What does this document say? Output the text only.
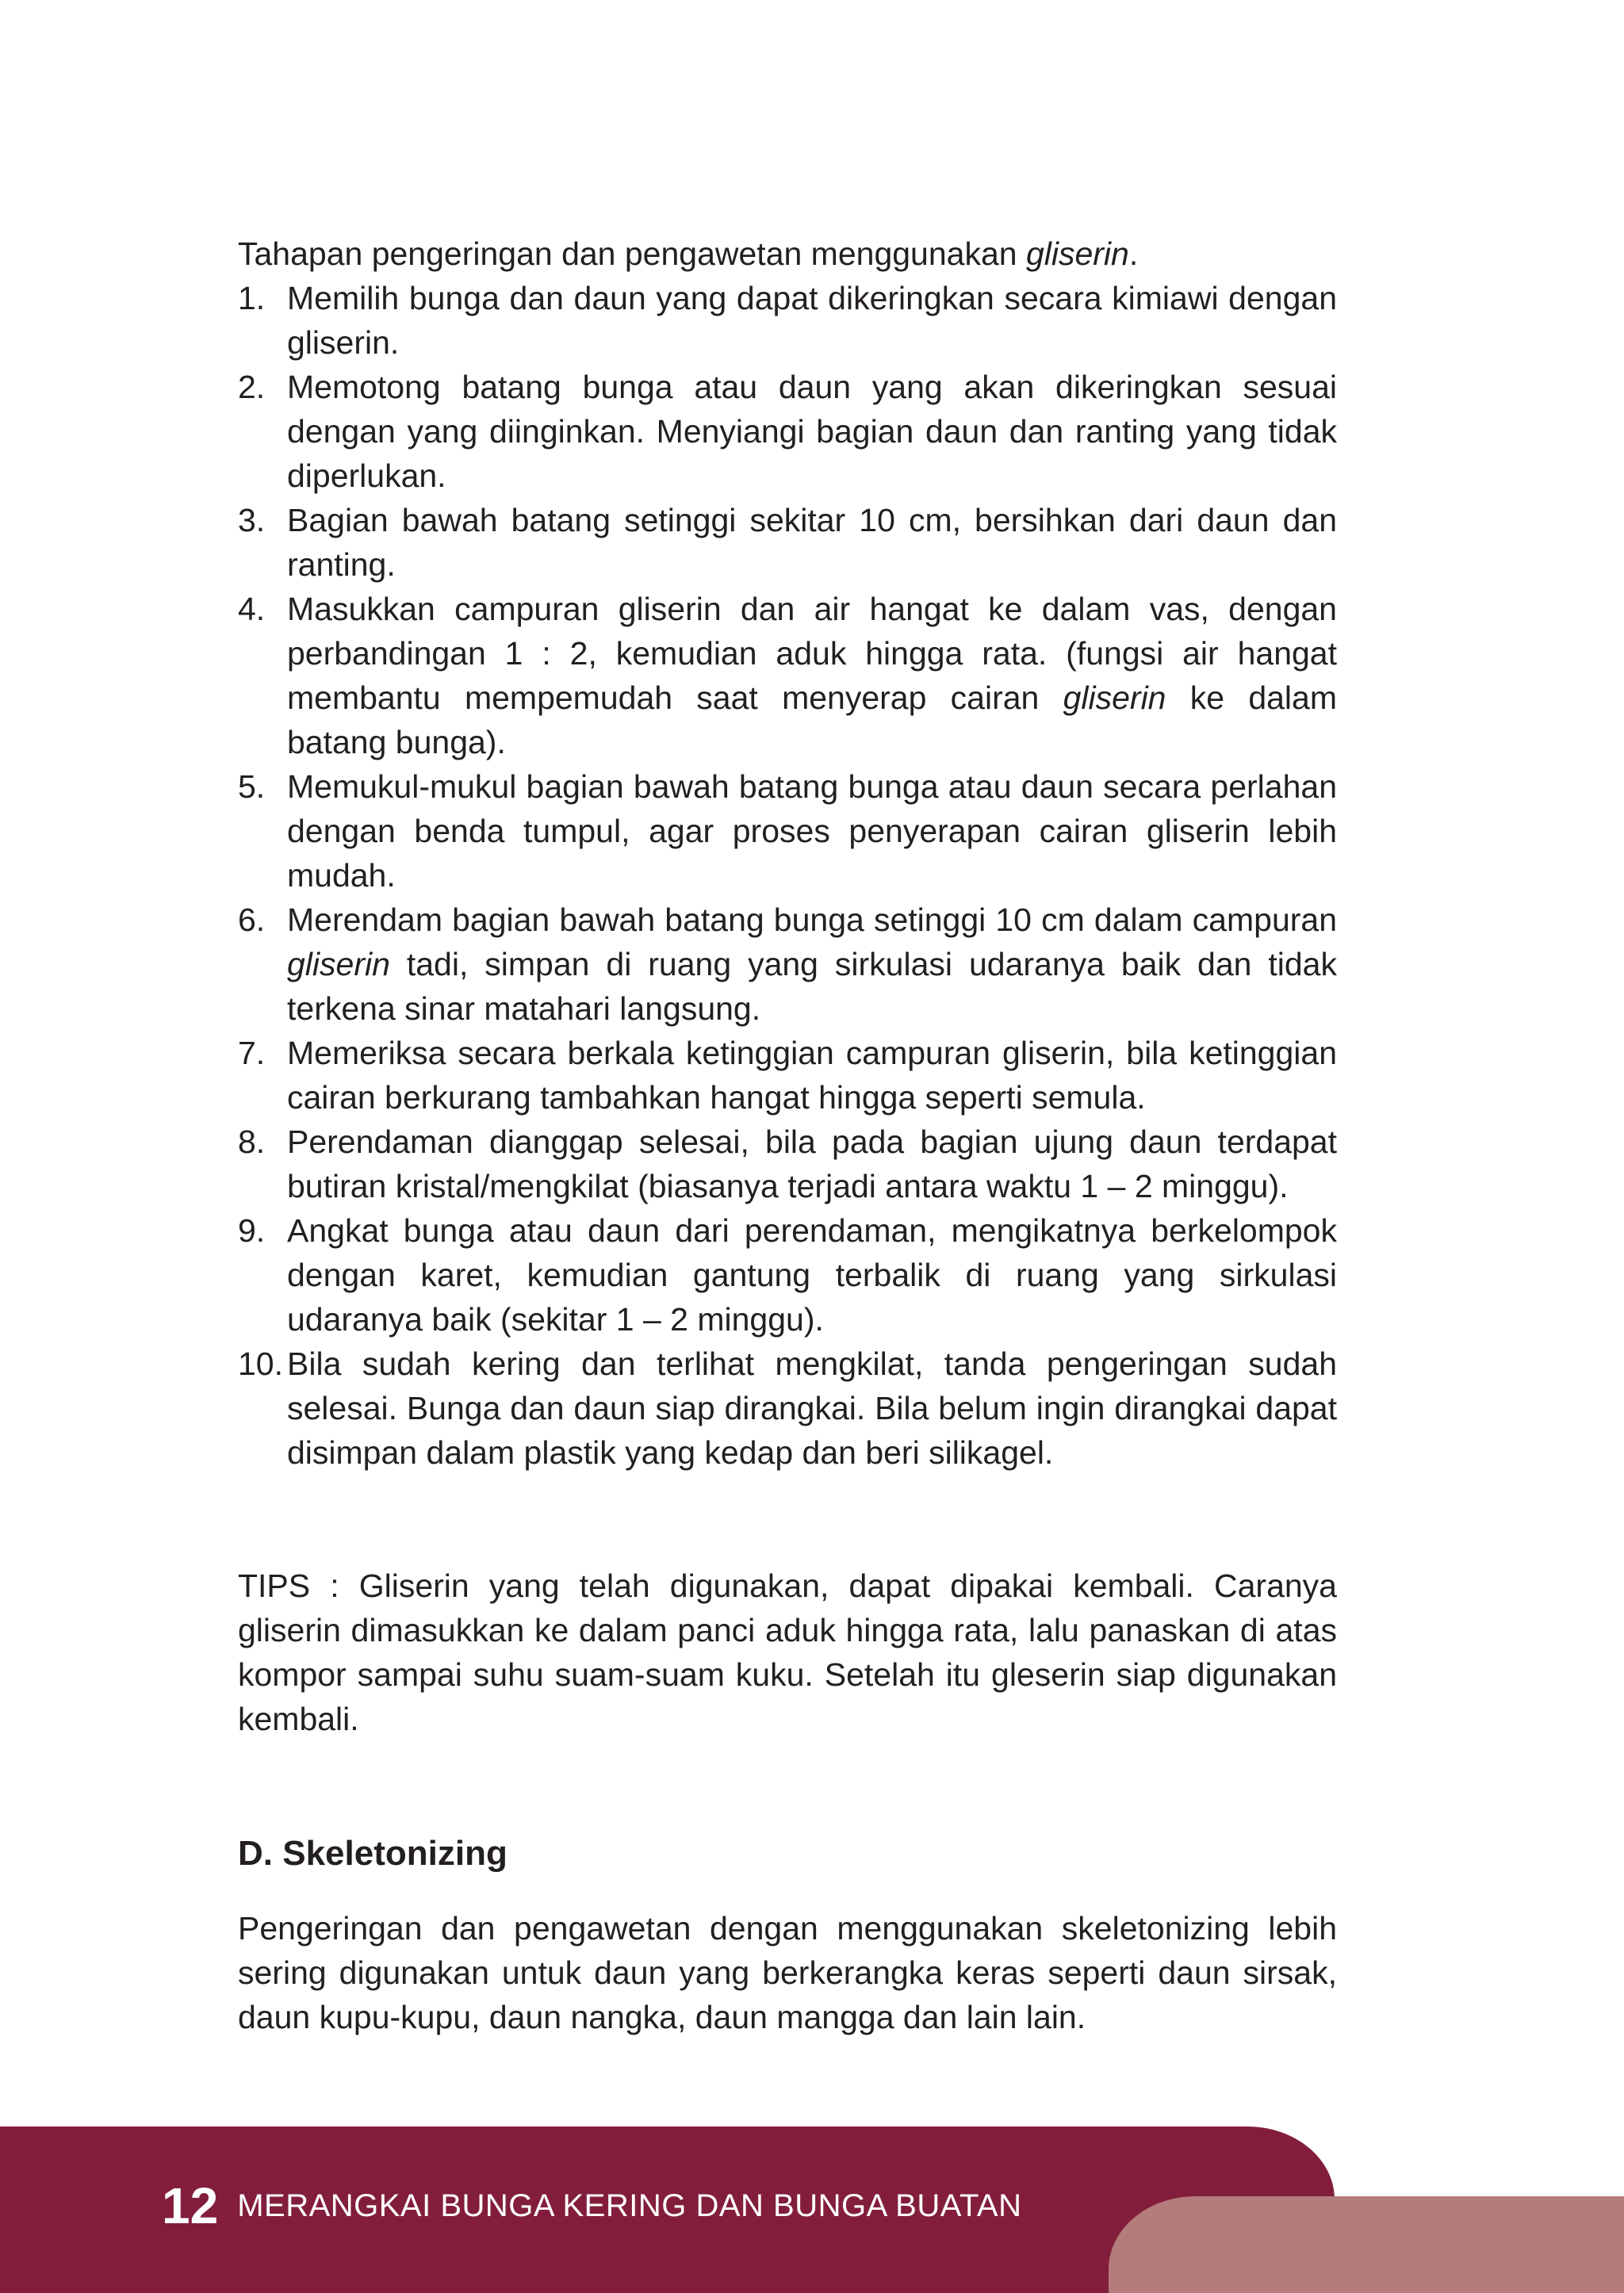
Tahapan pengeringan dan pengawetan menggunakan gliserin.

1. Memilih bunga dan daun yang dapat dikeringkan secara kimiawi dengan gliserin.
2. Memotong batang bunga atau daun yang akan dikeringkan sesuai dengan yang diinginkan. Menyiangi bagian daun dan ranting yang tidak diperlukan.
3. Bagian bawah batang setinggi sekitar 10 cm, bersihkan dari daun dan ranting.
4. Masukkan campuran gliserin dan air hangat ke dalam vas, dengan perbandingan 1 : 2, kemudian aduk hingga rata. (fungsi air hangat membantu mempemudah saat menyerap cairan gliserin ke dalam batang bunga).
5. Memukul-mukul bagian bawah batang bunga atau daun secara perlahan dengan benda tumpul, agar proses penyerapan cairan gliserin lebih mudah.
6. Merendam bagian bawah batang bunga setinggi 10 cm dalam campuran gliserin tadi, simpan di ruang yang sirkulasi udaranya baik dan tidak terkena sinar matahari langsung.
7. Memeriksa secara berkala ketinggian campuran gliserin, bila ketinggian cairan berkurang tambahkan hangat hingga seperti semula.
8. Perendaman dianggap selesai, bila pada bagian ujung daun terdapat butiran kristal/mengkilat (biasanya terjadi antara waktu 1 – 2 minggu).
9. Angkat bunga atau daun dari perendaman, mengikatnya berkelompok dengan karet, kemudian gantung terbalik di ruang yang sirkulasi udaranya baik (sekitar 1 – 2 minggu).
10. Bila sudah kering dan terlihat mengkilat, tanda pengeringan sudah selesai. Bunga dan daun siap dirangkai. Bila belum ingin dirangkai dapat disimpan dalam plastik yang kedap dan beri silikagel.

TIPS : Gliserin yang telah digunakan, dapat dipakai kembali. Caranya gliserin dimasukkan ke dalam panci aduk hingga rata, lalu panaskan di atas kompor sampai suhu suam-suam kuku. Setelah itu gleserin siap digunakan kembali.

D. Skeletonizing

Pengeringan dan pengawetan dengan menggunakan skeletonizing lebih sering digunakan untuk daun yang berkerangka keras seperti daun sirsak, daun kupu-kupu, daun nangka, daun mangga dan lain lain.

12 MERANGKAI BUNGA KERING DAN BUNGA BUATAN
